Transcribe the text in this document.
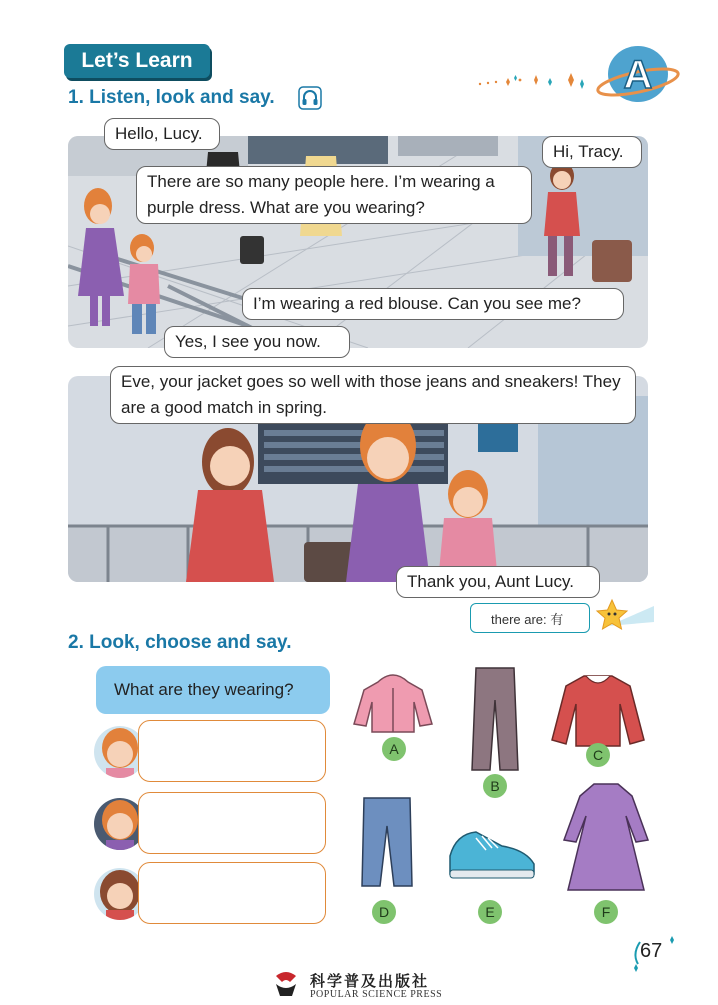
Let’s Learn
1. Listen, look and say.
A
Hello, Lucy.
Hi, Tracy.
There are so many people here. I’m wearing a purple dress. What are you wearing?
I’m wearing a red blouse. Can you see me?
Yes, I see you now.
Eve, your jacket goes so well with those jeans and sneakers! They are a good match in spring.
Thank you, Aunt Lucy.
there are: 有
2. Look, choose and say.
What are they wearing?
A
B
C
D	E	F
67
科学普及出版社
POPULAR SCIENCE PRESS
